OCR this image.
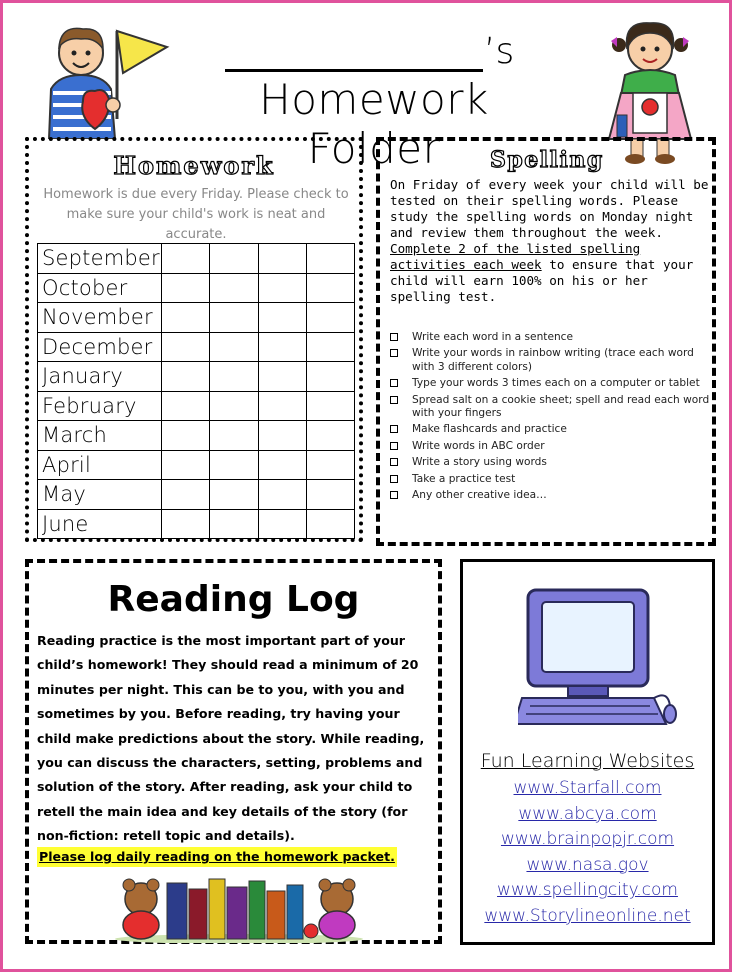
’s
Homework Folder
Homework
Homework is due every Friday. Please check to make sure your child's work is neat and accurate.
September				
October				
November				
December				
January				
February				
March				
April				
May				
June				
Spelling
On Friday of every week your child will be tested on their spelling words. Please study the spelling words on Monday night and review them throughout the week. Complete 2 of the listed spelling activities each week to ensure that your child will earn 100% on his or her spelling test.
Write each word in a sentence
Write your words in rainbow writing (trace each word with 3 different colors)
Type your words 3 times each on a computer or tablet
Spread salt on a cookie sheet; spell and read each word with your fingers
Make flashcards and practice
Write words in ABC order
Write a story using words
Take a practice test
Any other creative idea…
Reading Log
Reading practice is the most important part of your child’s homework! They should read a minimum of 20 minutes per night. This can be to you, with you and sometimes by you. Before reading, try having your child make predictions about the story. While reading, you can discuss the characters, setting, problems and solution of the story. After reading, ask your child to retell the main idea and key details of the story (for non-fiction: retell topic and details).
Please log daily reading on the homework packet.
Fun Learning Websites
www.Starfall.com
www.abcya.com
www.brainpopjr.com
www.nasa.gov
www.spellingcity.com
www.Storylineonline.net
